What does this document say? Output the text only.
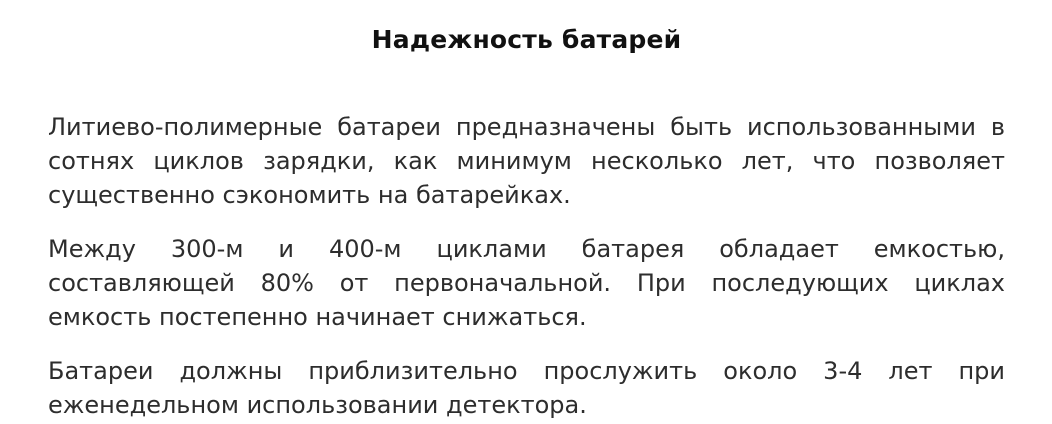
Надежность батарей

Литиево-полимерные батареи предназначены быть использованными в сотнях циклов зарядки, как минимум несколько лет, что позволяет существенно сэкономить на батарейках.

Между 300-м и 400-м циклами батарея обладает емкостью, составляющей 80% от первоначальной. При последующих циклах емкость постепенно начинает снижаться.

Батареи должны приблизительно прослужить около 3-4 лет при еженедельном использовании детектора.
